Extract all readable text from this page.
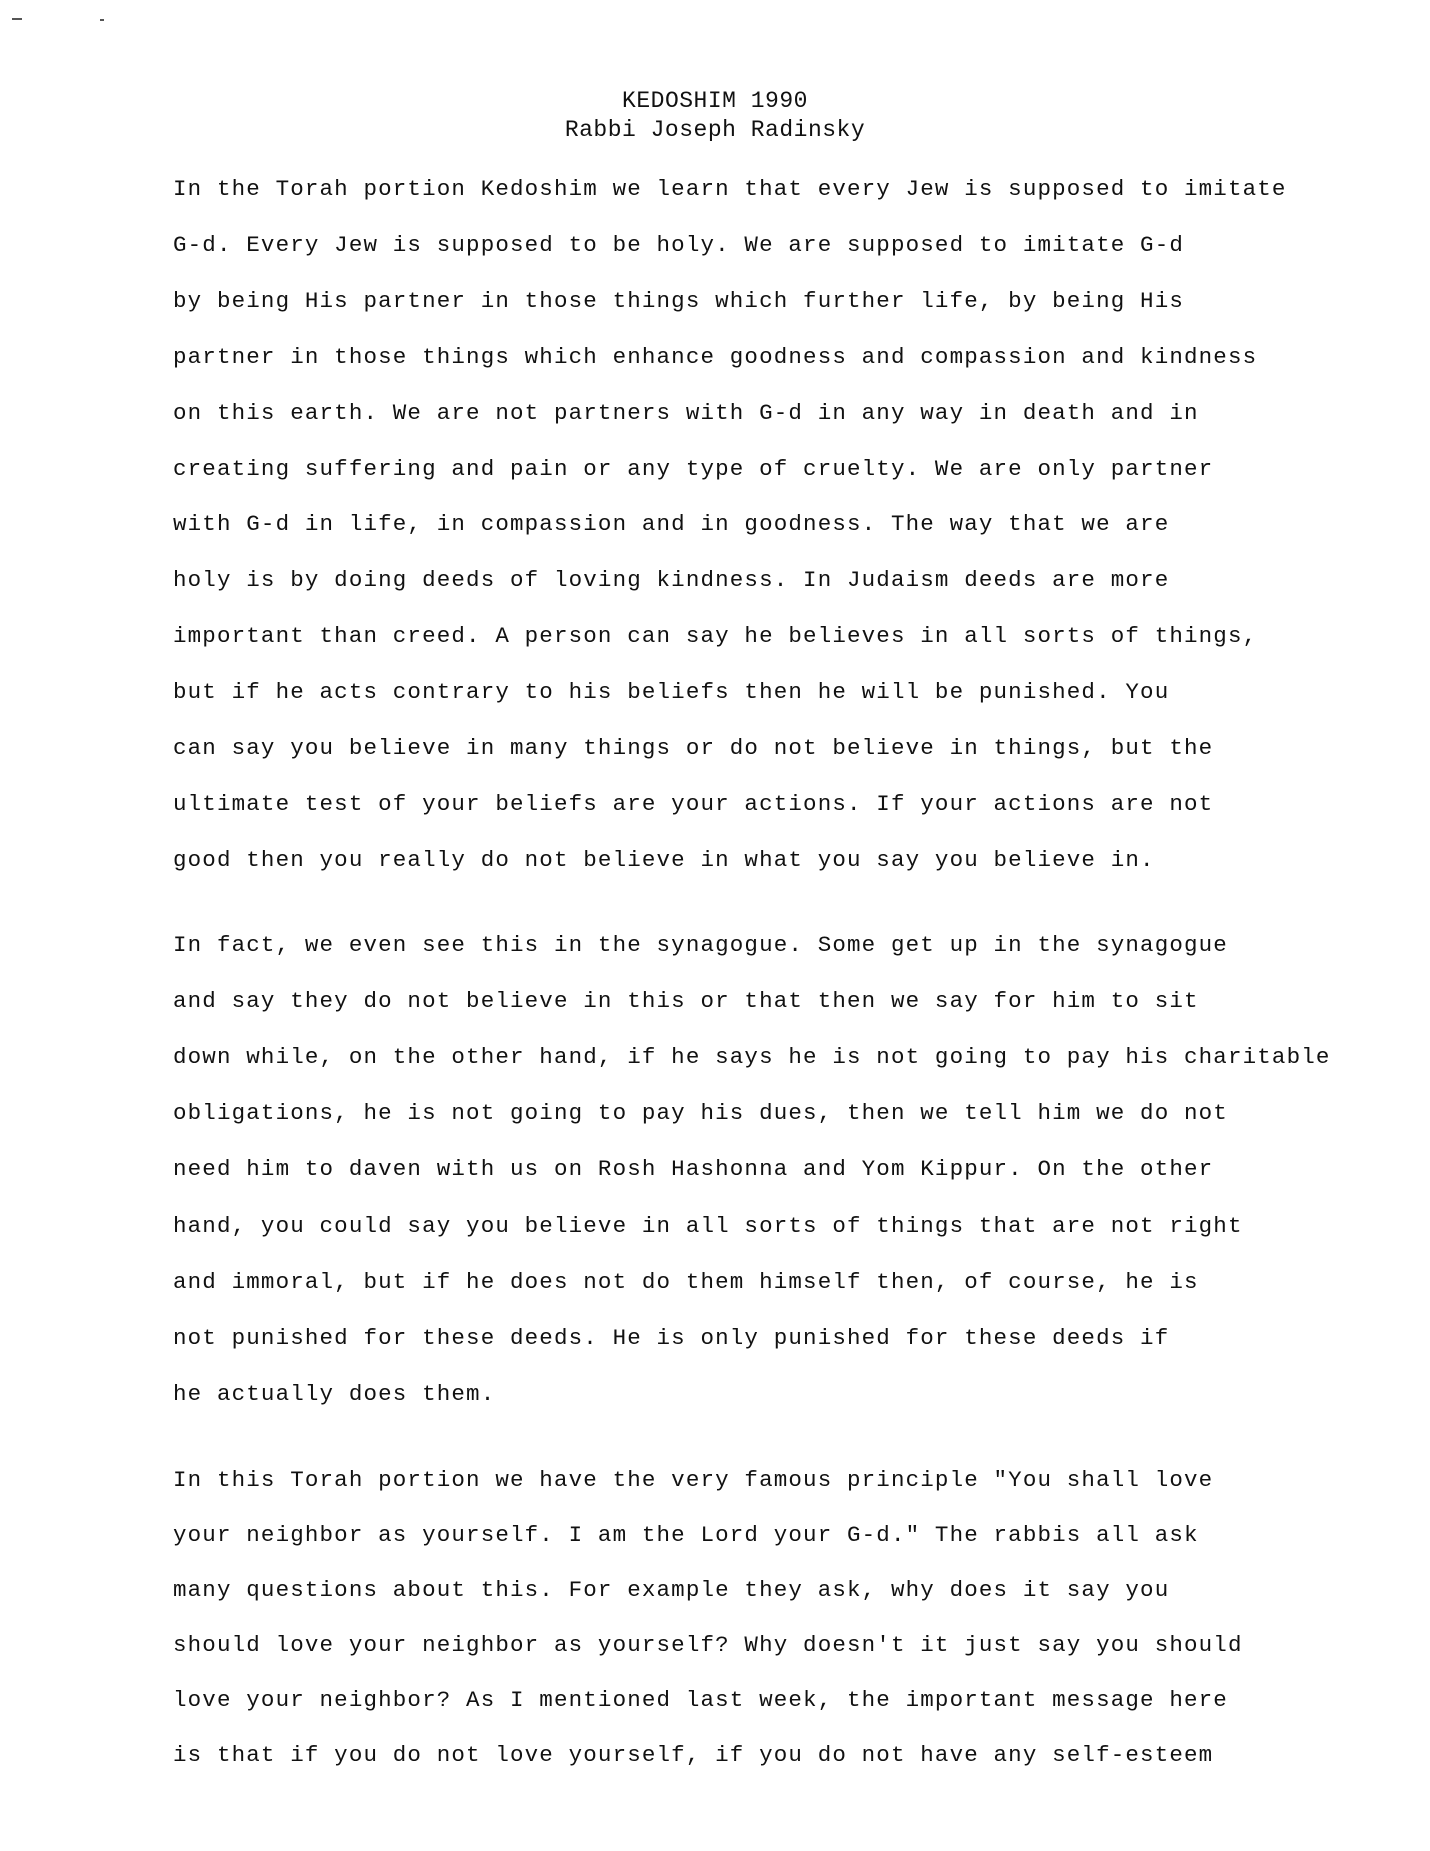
KEDOSHIM 1990
Rabbi Joseph Radinsky
In the Torah portion Kedoshim we learn that every Jew is supposed to imitate
G-d. Every Jew is supposed to be holy. We are supposed to imitate G-d
by being His partner in those things which further life, by being His
partner in those things which enhance goodness and compassion and kindness
on this earth. We are not partners with G-d in any way in death and in
creating suffering and pain or any type of cruelty. We are only partner
with G-d in life, in compassion and in goodness. The way that we are
holy is by doing deeds of loving kindness. In Judaism deeds are more
important than creed. A person can say he believes in all sorts of things,
but if he acts contrary to his beliefs then he will be punished. You
can say you believe in many things or do not believe in things, but the
ultimate test of your beliefs are your actions. If your actions are not
good then you really do not believe in what you say you believe in.
In fact, we even see this in the synagogue. Some get up in the synagogue
and say they do not believe in this or that then we say for him to sit
down while, on the other hand, if he says he is not going to pay his charitable
obligations, he is not going to pay his dues, then we tell him we do not
need him to daven with us on Rosh Hashonna and Yom Kippur. On the other
hand, you could say you believe in all sorts of things that are not right
and immoral, but if he does not do them himself then, of course, he is
not punished for these deeds. He is only punished for these deeds if
he actually does them.
In this Torah portion we have the very famous principle "You shall love
your neighbor as yourself. I am the Lord your G-d." The rabbis all ask
many questions about this. For example they ask, why does it say you
should love your neighbor as yourself? Why doesn't it just say you should
love your neighbor? As I mentioned last week, the important message here
is that if you do not love yourself, if you do not have any self-esteem
